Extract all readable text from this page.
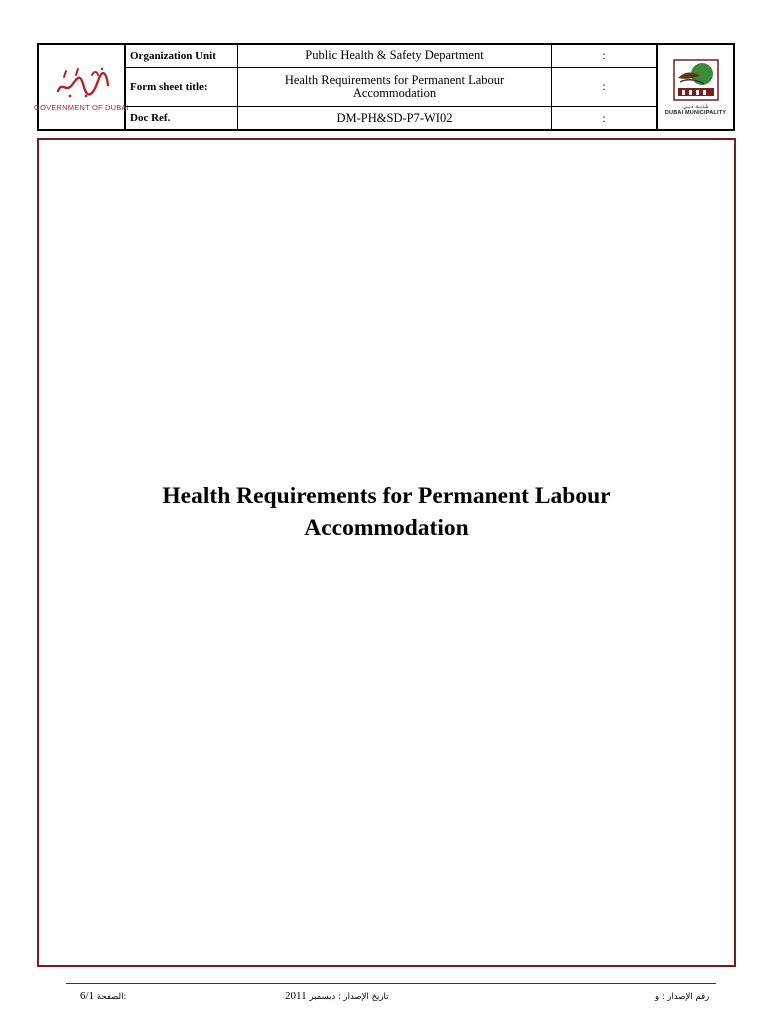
GOVERNMENT OF DUBAI
Organization Unit	Public Health & Safety Department	:
Form sheet title:	Health Requirements for Permanent Labour Accommodation	:
Doc Ref.	DM-PH&SD-P7-WI02	:
بلديـة دبـي
DUBAI MUNICIPALITY
Health Requirements for Permanent Labour
Accommodation
6/1 الصفحة:	2011 تاريخ الإصدار : ديسمبر	رقم الإصدار : و
